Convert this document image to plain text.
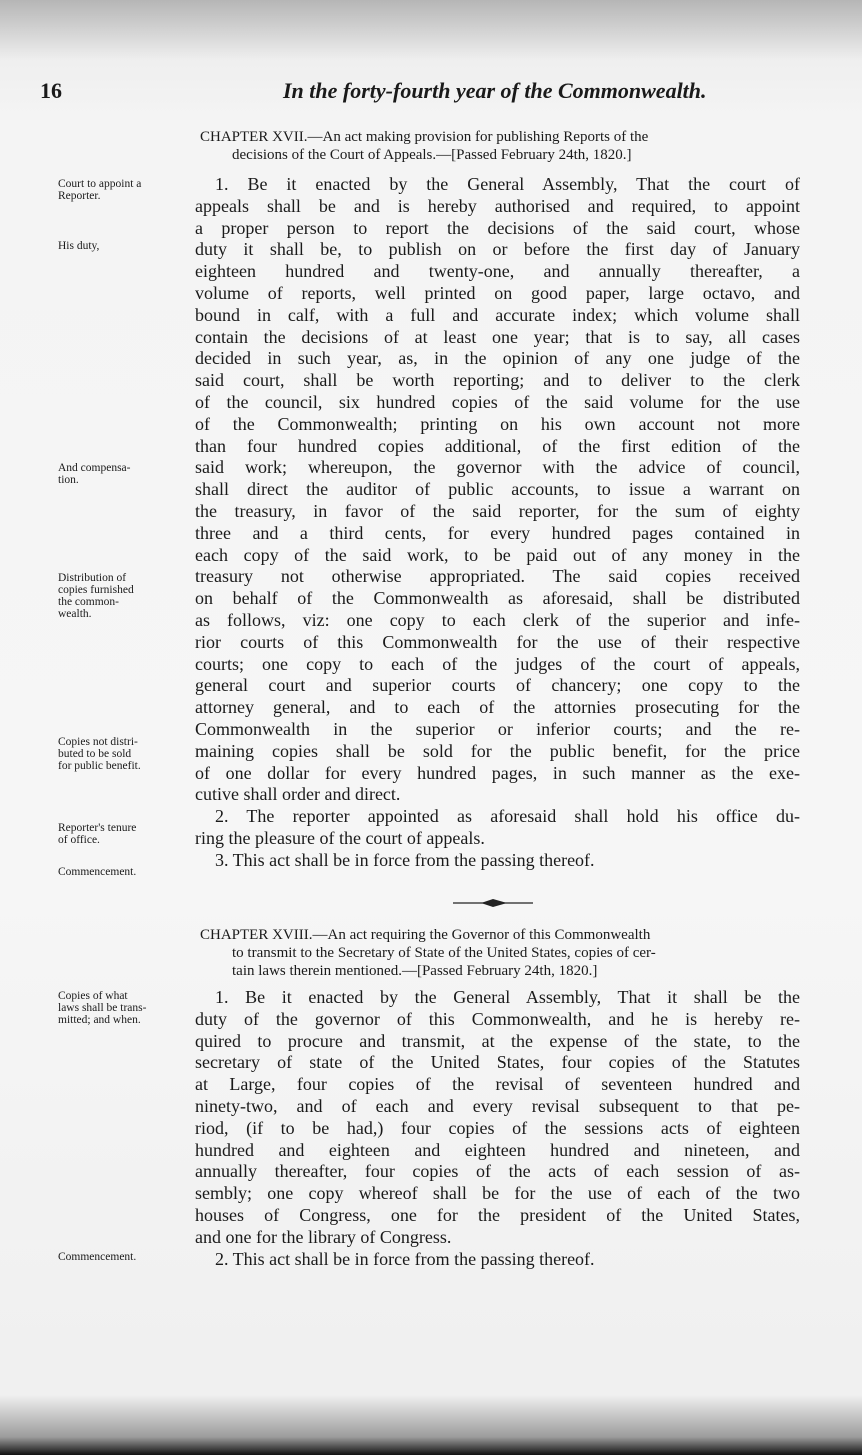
16	In the forty-fourth year of the Commonwealth.
CHAPTER XVII.—An act making provision for publishing Reports of the
decisions of the Court of Appeals.—[Passed February 24th, 1820.]
1. Be it enacted by the General Assembly, That the court of
appeals shall be and is hereby authorised and required, to appoint
a proper person to report the decisions of the said court, whose
duty it shall be, to publish on or before the first day of January
eighteen hundred and twenty-one, and annually thereafter, a
volume of reports, well printed on good paper, large octavo, and
bound in calf, with a full and accurate index; which volume shall
contain the decisions of at least one year; that is to say, all cases
decided in such year, as, in the opinion of any one judge of the
said court, shall be worth reporting; and to deliver to the clerk
of the council, six hundred copies of the said volume for the use
of the Commonwealth; printing on his own account not more
than four hundred copies additional, of the first edition of the
said work; whereupon, the governor with the advice of council,
shall direct the auditor of public accounts, to issue a warrant on
the treasury, in favor of the said reporter, for the sum of eighty
three and a third cents, for every hundred pages contained in
each copy of the said work, to be paid out of any money in the
treasury not otherwise appropriated. The said copies received
on behalf of the Commonwealth as aforesaid, shall be distributed
as follows, viz: one copy to each clerk of the superior and infe-
rior courts of this Commonwealth for the use of their respective
courts; one copy to each of the judges of the court of appeals,
general court and superior courts of chancery; one copy to the
attorney general, and to each of the attornies prosecuting for the
Commonwealth in the superior or inferior courts; and the re-
maining copies shall be sold for the public benefit, for the price
of one dollar for every hundred pages, in such manner as the exe-
cutive shall order and direct.
2. The reporter appointed as aforesaid shall hold his office du-
ring the pleasure of the court of appeals.
3. This act shall be in force from the passing thereof.
Court to appoint a
Reporter.
His duty,
And compensa-
tion.
Distribution of
copies furnished
the common-
wealth.
Copies not distri-
buted to be sold
for public benefit.
Reporter's tenure
of office.
Commencement.
CHAPTER XVIII.—An act requiring the Governor of this Commonwealth
to transmit to the Secretary of State of the United States, copies of cer-
tain laws therein mentioned.—[Passed February 24th, 1820.]
1. Be it enacted by the General Assembly, That it shall be the
duty of the governor of this Commonwealth, and he is hereby re-
quired to procure and transmit, at the expense of the state, to the
secretary of state of the United States, four copies of the Statutes
at Large, four copies of the revisal of seventeen hundred and
ninety-two, and of each and every revisal subsequent to that pe-
riod, (if to be had,) four copies of the sessions acts of eighteen
hundred and eighteen and eighteen hundred and nineteen, and
annually thereafter, four copies of the acts of each session of as-
sembly; one copy whereof shall be for the use of each of the two
houses of Congress, one for the president of the United States,
and one for the library of Congress.
2. This act shall be in force from the passing thereof.
Copies of what
laws shall be trans-
mitted; and when.
Commencement.
